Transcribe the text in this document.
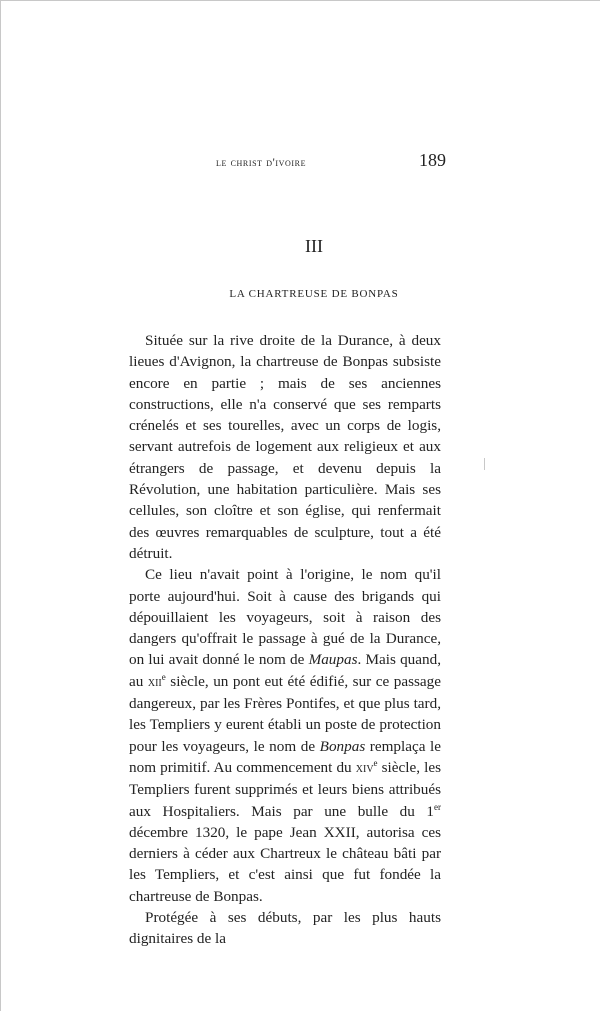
le christ d'ivoire	189
III
LA CHARTREUSE DE BONPAS

Située sur la rive droite de la Durance, à deux lieues d'Avignon, la chartreuse de Bonpas subsiste encore en partie ; mais de ses anciennes constructions, elle n'a conservé que ses remparts crénelés et ses tourelles, avec un corps de logis, servant autrefois de logement aux religieux et aux étrangers de passage, et devenu depuis la Révolution, une habitation particulière. Mais ses cellules, son cloître et son église, qui renfermait des œuvres remarquables de sculpture, tout a été détruit.

Ce lieu n'avait point à l'origine, le nom qu'il porte aujourd'hui. Soit à cause des brigands qui dépouillaient les voyageurs, soit à raison des dangers qu'offrait le passage à gué de la Durance, on lui avait donné le nom de Maupas. Mais quand, au xii$^e$ siècle, un pont eut été édifié, sur ce passage dangereux, par les Frères Pontifes, et que plus tard, les Templiers y eurent établi un poste de protection pour les voyageurs, le nom de Bonpas remplaça le nom primitif. Au commencement du xiv$^e$ siècle, les Templiers furent supprimés et leurs biens attribués aux Hospitaliers. Mais par une bulle du 1er décembre 1320, le pape Jean XXII, autorisa ces derniers à céder aux Chartreux le château bâti par les Templiers, et c'est ainsi que fut fondée la chartreuse de Bonpas.

Protégée à ses débuts, par les plus hauts dignitaires de la
